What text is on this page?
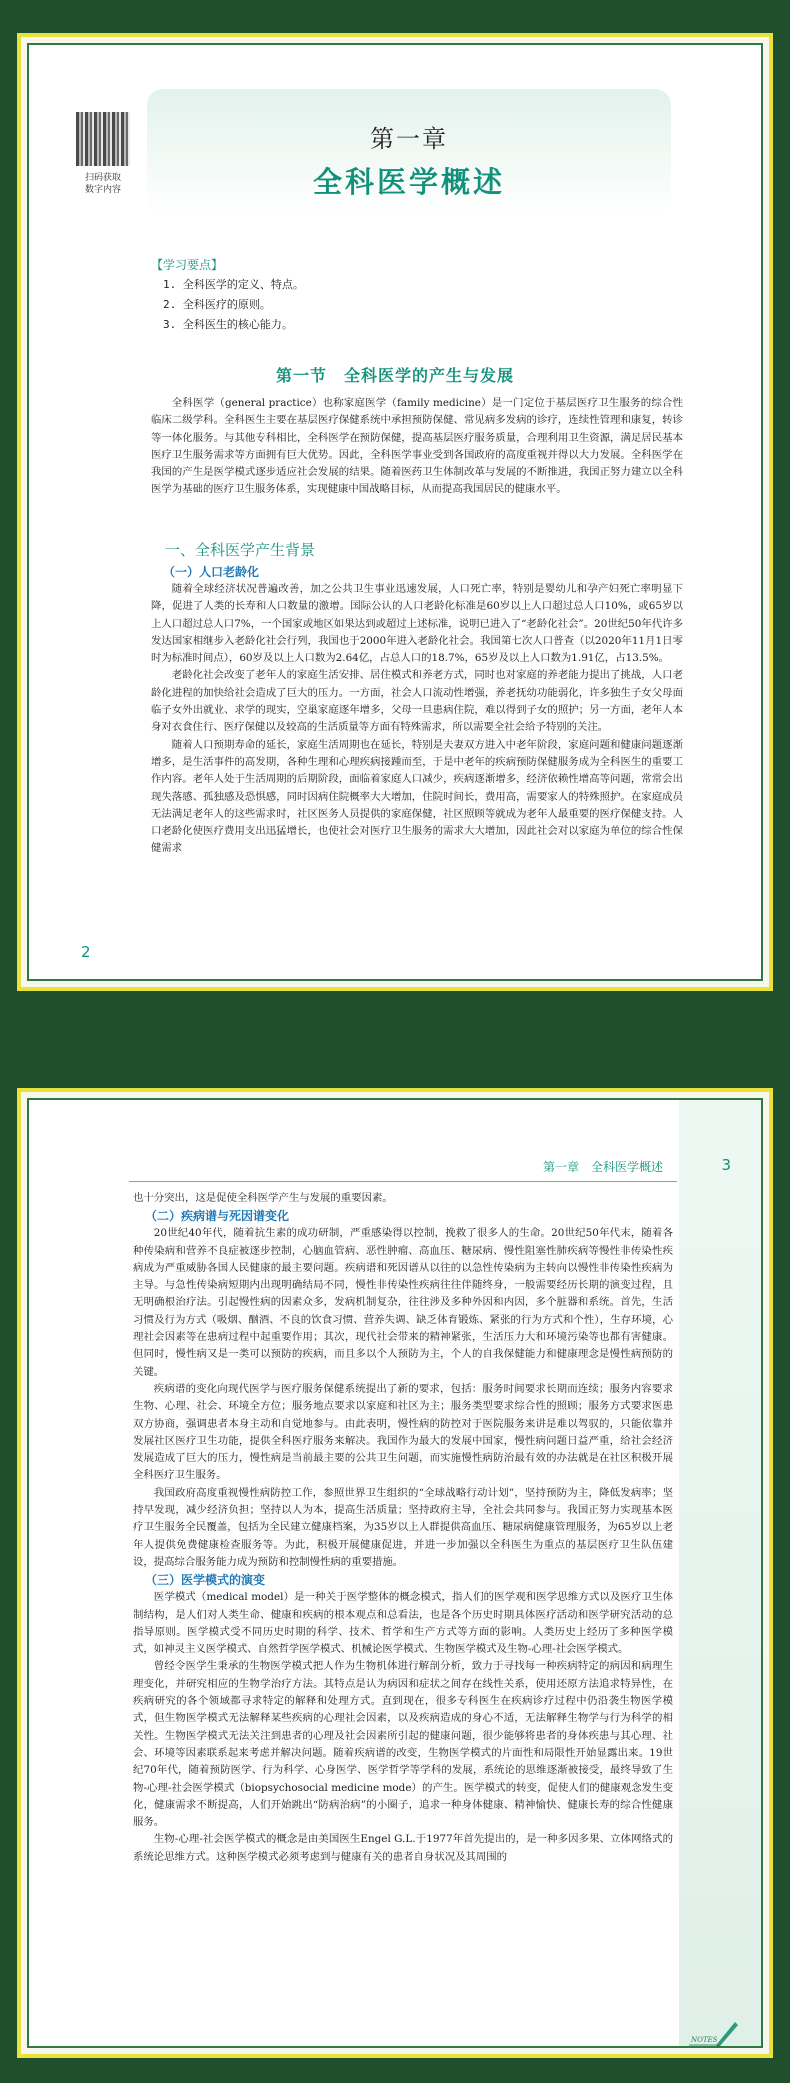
扫码获取
数字内容
第一章
全科医学概述
【学习要点】
1. 全科医学的定义、特点。
2. 全科医疗的原则。
3. 全科医生的核心能力。
第一节　全科医学的产生与发展

全科医学（general practice）也称家庭医学（family medicine）是一门定位于基层医疗卫生服务的综合性临床二级学科。全科医生主要在基层医疗保健系统中承担预防保健、常见病多发病的诊疗，连续性管理和康复，转诊等一体化服务。与其他专科相比，全科医学在预防保健，提高基层医疗服务质量，合理利用卫生资源，满足居民基本医疗卫生服务需求等方面拥有巨大优势。因此，全科医学事业受到各国政府的高度重视并得以大力发展。全科医学在我国的产生是医学模式逐步适应社会发展的结果。随着医药卫生体制改革与发展的不断推进，我国正努力建立以全科医学为基础的医疗卫生服务体系，实现健康中国战略目标，从而提高我国居民的健康水平。

一、全科医学产生背景
（一）人口老龄化

随着全球经济状况普遍改善，加之公共卫生事业迅速发展，人口死亡率，特别是婴幼儿和孕产妇死亡率明显下降，促进了人类的长寿和人口数量的激增。国际公认的人口老龄化标准是60岁以上人口超过总人口10%，或65岁以上人口超过总人口7%，一个国家或地区如果达到或超过上述标准，说明已进入了“老龄化社会”。20世纪50年代许多发达国家相继步入老龄化社会行列，我国也于2000年进入老龄化社会。我国第七次人口普查（以2020年11月1日零时为标准时间点），60岁及以上人口数为2.64亿，占总人口的18.7%，65岁及以上人口数为1.91亿，占13.5%。

老龄化社会改变了老年人的家庭生活安排、居住模式和养老方式，同时也对家庭的养老能力提出了挑战，人口老龄化进程的加快给社会造成了巨大的压力。一方面，社会人口流动性增强，养老抚幼功能弱化，许多独生子女父母面临子女外出就业、求学的现实，空巢家庭逐年增多，父母一旦患病住院，难以得到子女的照护；另一方面，老年人本身对衣食住行、医疗保健以及较高的生活质量等方面有特殊需求，所以需要全社会给予特别的关注。

随着人口预期寿命的延长，家庭生活周期也在延长，特别是夫妻双方进入中老年阶段，家庭问题和健康问题逐渐增多，是生活事件的高发期，各种生理和心理疾病接踵而至，于是中老年的疾病预防保健服务成为全科医生的重要工作内容。老年人处于生活周期的后期阶段，面临着家庭人口减少，疾病逐渐增多，经济依赖性增高等问题，常常会出现失落感、孤独感及恐惧感，同时因病住院概率大大增加，住院时间长，费用高，需要家人的特殊照护。在家庭成员无法满足老年人的这些需求时，社区医务人员提供的家庭保健，社区照顾等就成为老年人最重要的医疗保健支持。人口老龄化使医疗费用支出迅猛增长，也使社会对医疗卫生服务的需求大大增加，因此社会对以家庭为单位的综合性保健需求

2
第一章　全科医学概述	3
也十分突出，这是促使全科医学产生与发展的重要因素。
（二）疾病谱与死因谱变化

20世纪40年代，随着抗生素的成功研制，严重感染得以控制，挽救了很多人的生命。20世纪50年代末，随着各种传染病和营养不良症被逐步控制，心脑血管病、恶性肿瘤、高血压、糖尿病、慢性阻塞性肺疾病等慢性非传染性疾病成为严重威胁各国人民健康的最主要问题。疾病谱和死因谱从以往的以急性传染病为主转向以慢性非传染性疾病为主导。与急性传染病短期内出现明确结局不同，慢性非传染性疾病往往伴随终身，一般需要经历长期的演变过程，且无明确根治疗法。引起慢性病的因素众多，发病机制复杂，往往涉及多种外因和内因，多个脏器和系统。首先，生活习惯及行为方式（吸烟、酗酒、不良的饮食习惯、营养失调、缺乏体育锻炼、紧张的行为方式和个性），生存环境，心理社会因素等在患病过程中起重要作用；其次，现代社会带来的精神紧张，生活压力大和环境污染等也都有害健康。但同时，慢性病又是一类可以预防的疾病，而且多以个人预防为主，个人的自我保健能力和健康理念是慢性病预防的关键。

疾病谱的变化向现代医学与医疗服务保健系统提出了新的要求，包括：服务时间要求长期而连续；服务内容要求生物、心理、社会、环境全方位；服务地点要求以家庭和社区为主；服务类型要求综合性的照顾；服务方式要求医患双方协商，强调患者本身主动和自觉地参与。由此表明，慢性病的防控对于医院服务来讲是难以驾驭的，只能依靠并发展社区医疗卫生功能，提供全科医疗服务来解决。我国作为最大的发展中国家，慢性病问题日益严重，给社会经济发展造成了巨大的压力，慢性病是当前最主要的公共卫生问题，而实施慢性病防治最有效的办法就是在社区积极开展全科医疗卫生服务。

我国政府高度重视慢性病防控工作，参照世界卫生组织的“全球战略行动计划”，坚持预防为主，降低发病率；坚持早发现，减少经济负担；坚持以人为本，提高生活质量；坚持政府主导，全社会共同参与。我国正努力实现基本医疗卫生服务全民覆盖，包括为全民建立健康档案，为35岁以上人群提供高血压、糖尿病健康管理服务，为65岁以上老年人提供免费健康检查服务等。为此，积极开展健康促进，并进一步加强以全科医生为重点的基层医疗卫生队伍建设，提高综合服务能力成为预防和控制慢性病的重要措施。

（三）医学模式的演变

医学模式（medical model）是一种关于医学整体的概念模式，指人们的医学观和医学思维方式以及医疗卫生体制结构，是人们对人类生命、健康和疾病的根本观点和总看法，也是各个历史时期具体医疗活动和医学研究活动的总指导原则。医学模式受不同历史时期的科学、技术、哲学和生产方式等方面的影响。人类历史上经历了多种医学模式，如神灵主义医学模式、自然哲学医学模式、机械论医学模式、生物医学模式及生物-心理-社会医学模式。

曾经令医学生秉承的生物医学模式把人作为生物机体进行解剖分析，致力于寻找每一种疾病特定的病因和病理生理变化，并研究相应的生物学治疗方法。其特点是认为病因和症状之间存在线性关系，使用还原方法追求特异性，在疾病研究的各个领域都寻求特定的解释和处理方式。直到现在，很多专科医生在疾病诊疗过程中仍沿袭生物医学模式，但生物医学模式无法解释某些疾病的心理社会因素，以及疾病造成的身心不适，无法解释生物学与行为科学的相关性。生物医学模式无法关注到患者的心理及社会因素所引起的健康问题，很少能够将患者的身体疾患与其心理、社会、环境等因素联系起来考虑并解决问题。随着疾病谱的改变，生物医学模式的片面性和局限性开始显露出来。19世纪70年代，随着预防医学、行为科学、心身医学、医学哲学等学科的发展，系统论的思维逐渐被接受，最终导致了生物-心理-社会医学模式（biopsychosocial medicine mode）的产生。医学模式的转变，促使人们的健康观念发生变化，健康需求不断提高，人们开始跳出“防病治病”的小圈子，追求一种身体健康、精神愉快、健康长寿的综合性健康服务。

生物-心理-社会医学模式的概念是由美国医生Engel G.L.于1977年首先提出的，是一种多因多果、立体网络式的系统论思维方式。这种医学模式必须考虑到与健康有关的患者自身状况及其周围的

NOTES
